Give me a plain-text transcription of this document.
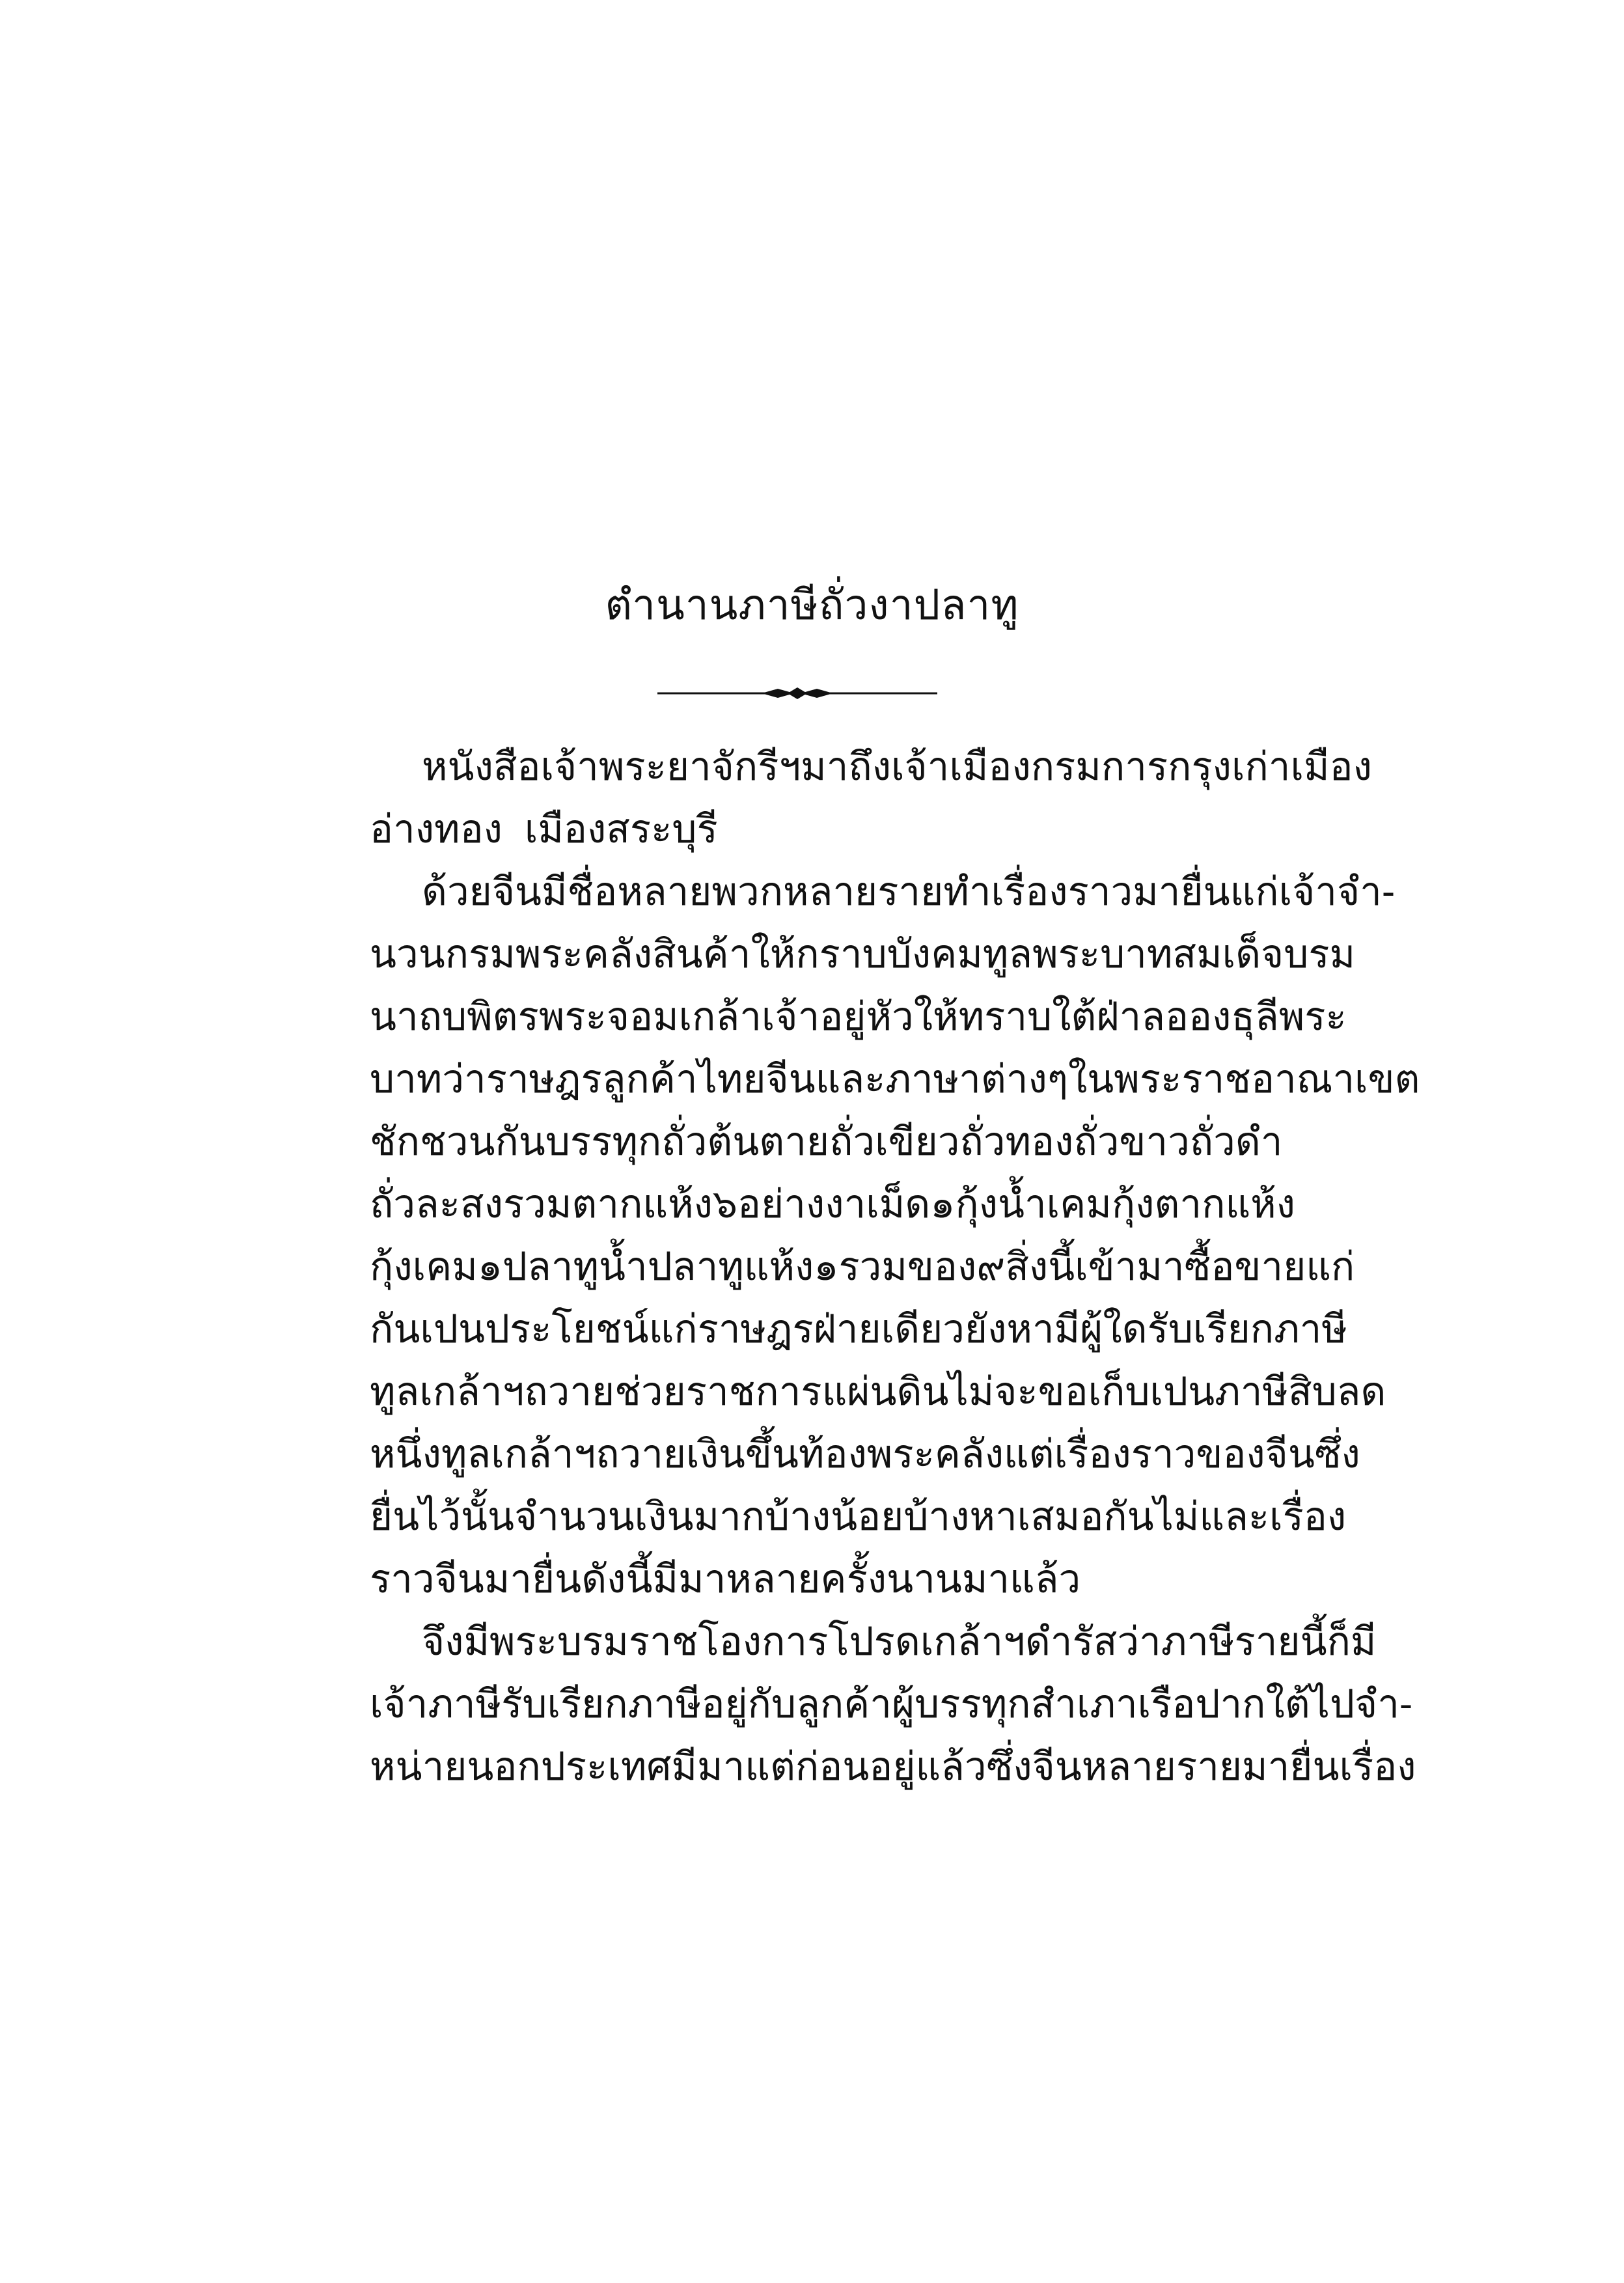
ตำนานภาษีถั่วงาปลาทู
หนังสือเจ้าพระยาจักรีฯ มาถึงเจ้าเมืองกรมการ กรุงเก่า เมือง
อ่างทอง เมืองสระบุรี
ด้วยจีนมีชื่อหลายพวกหลายราย ทำเรื่องราวมายื่นแก่เจ้าจำ-
นวนกรมพระคลังสินค้า ให้กราบบังคมทูลพระบาทสมเด็จบรม
นาถบพิตร พระจอมเกล้าเจ้าอยู่หัว ให้ทราบใต้ฝ่าลอองธุลีพระ
บาท ว่าราษฎรลูกค้าไทยจีนและภาษาต่างๆในพระราชอาณาเขต
ชักชวนกันบรรทุกถั่วต้นตาย ถั่วเขียว ถั่วทอง ถั่วขาว ถั่วดำ
ถั่วละสง รวมตากแห้ง ๖ อย่าง งาเม็ด ๑ กุ้งน้ำเคม กุ้งตากแห้ง
กุ้งเคม ๑ ปลาทูน้ำปลาทูแห้ง ๑ รวมของ ๙ สิ่งนี้เข้ามาซื้อขายแก่
กันเปนประโยชน์แก่ราษฎรฝ่ายเดียว ยังหามีผู้ใดรับเรียกภาษี
ทูลเกล้าฯ ถวายช่วยราชการแผ่นดินไม่ จะขอเก็บเปนภาษีสิบลด
หนึ่ง ทูลเกล้าฯ ถวายเงินขึ้นท้องพระคลัง แต่เรื่องราวของจีนซึ่ง
ยื่นไว้นั้น จำนวนเงินมากบ้างน้อยบ้างหาเสมอกันไม่ และเรื่อง
ราวจีนมายื่นดังนี้มีมาหลายครั้งนานมาแล้ว
จึงมีพระบรมราชโองการโปรดเกล้าฯ ดำรัสว่า ภาษีรายนี้ก็มี
เจ้าภาษีรับเรียกภาษีอยู่กับลูกค้าผู้บรรทุกสำเภาเรือปากใต้ ไปจำ-
หน่ายนอกประเทศมีมาแต่ก่อนอยู่แล้ว ซึ่งจีนหลายรายมายื่นเรื่อง
